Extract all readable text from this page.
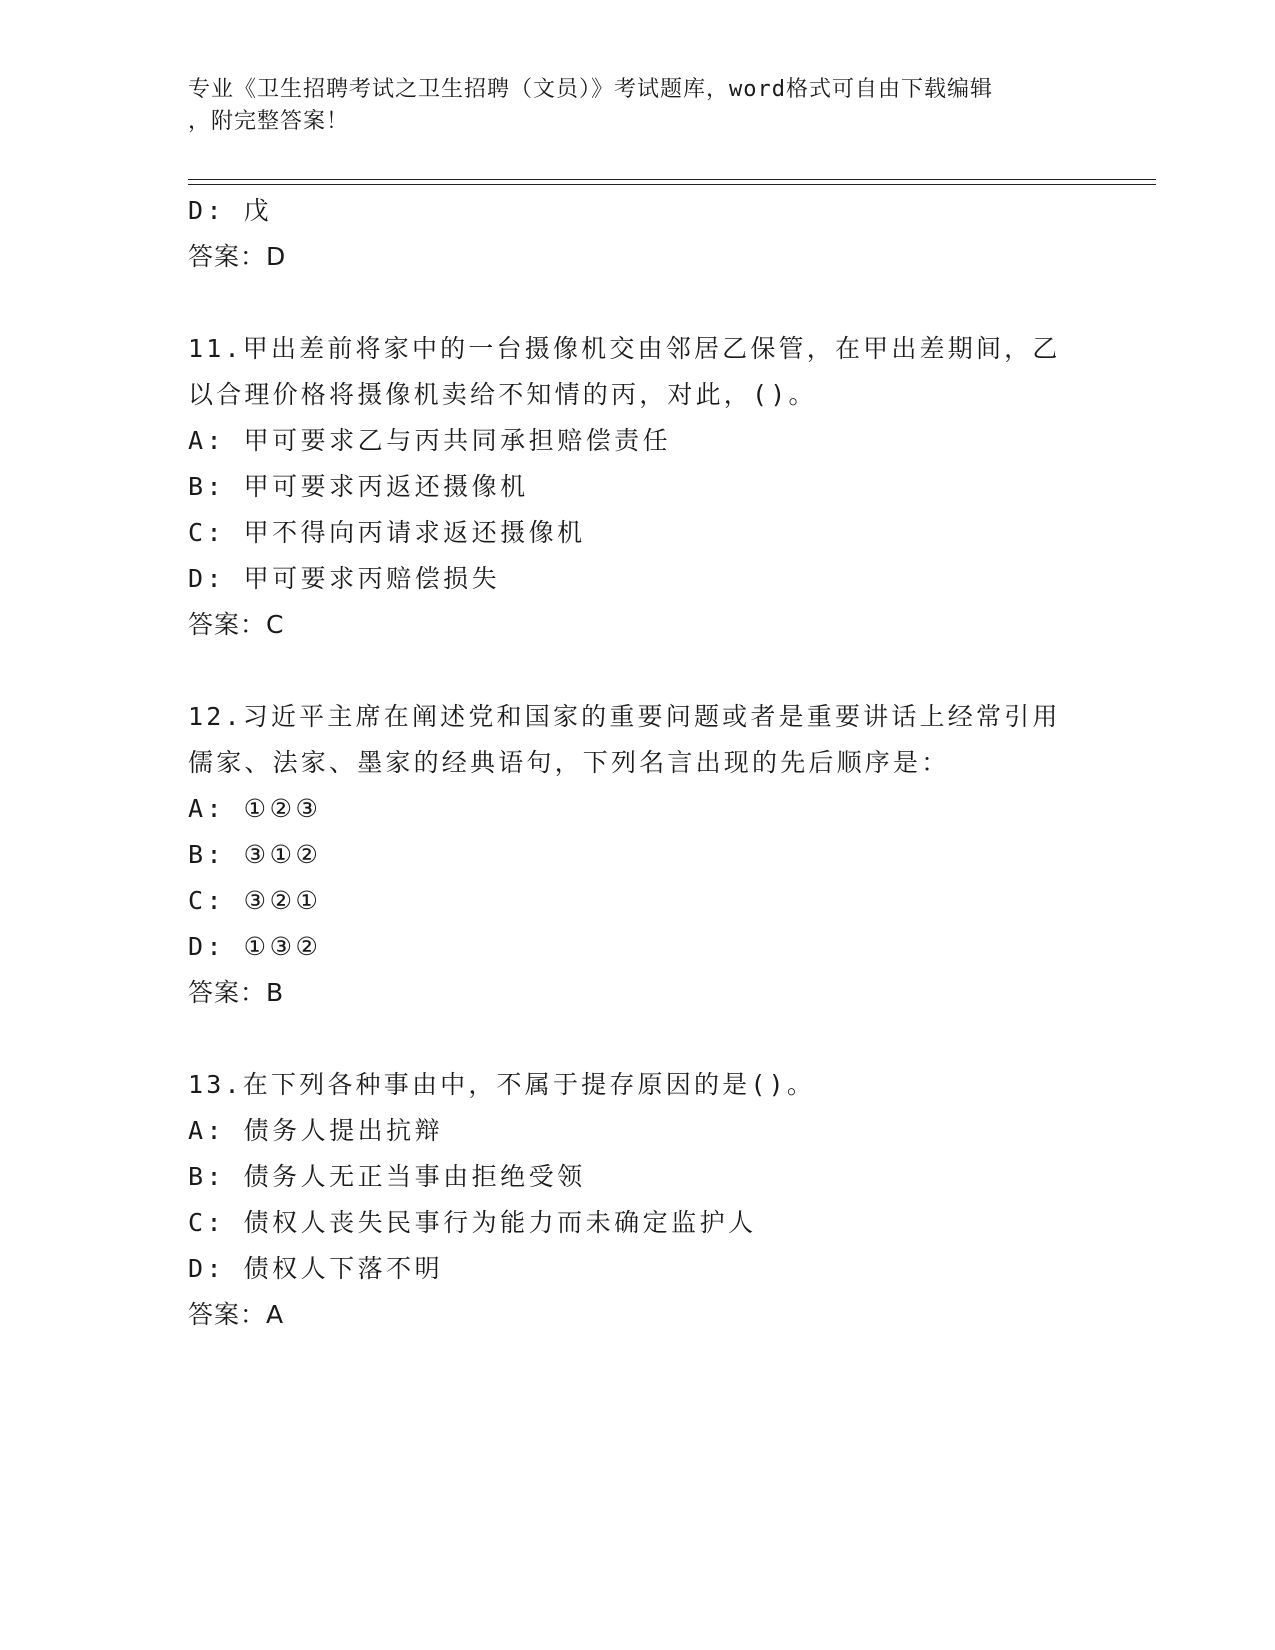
专业《卫生招聘考试之卫生招聘（文员）》考试题库，word格式可自由下载编辑
，附完整答案！
D: 戊
答案：D
11.甲出差前将家中的一台摄像机交由邻居乙保管，在甲出差期间，乙
以合理价格将摄像机卖给不知情的丙，对此，()。
A: 甲可要求乙与丙共同承担赔偿责任
B: 甲可要求丙返还摄像机
C: 甲不得向丙请求返还摄像机
D: 甲可要求丙赔偿损失
答案：C
12.习近平主席在阐述党和国家的重要问题或者是重要讲话上经常引用
儒家、法家、墨家的经典语句，下列名言出现的先后顺序是：
A: ①②③
B: ③①②
C: ③②①
D: ①③②
答案：B
13.在下列各种事由中，不属于提存原因的是()。
A: 债务人提出抗辩
B: 债务人无正当事由拒绝受领
C: 债权人丧失民事行为能力而未确定监护人
D: 债权人下落不明
答案：A
